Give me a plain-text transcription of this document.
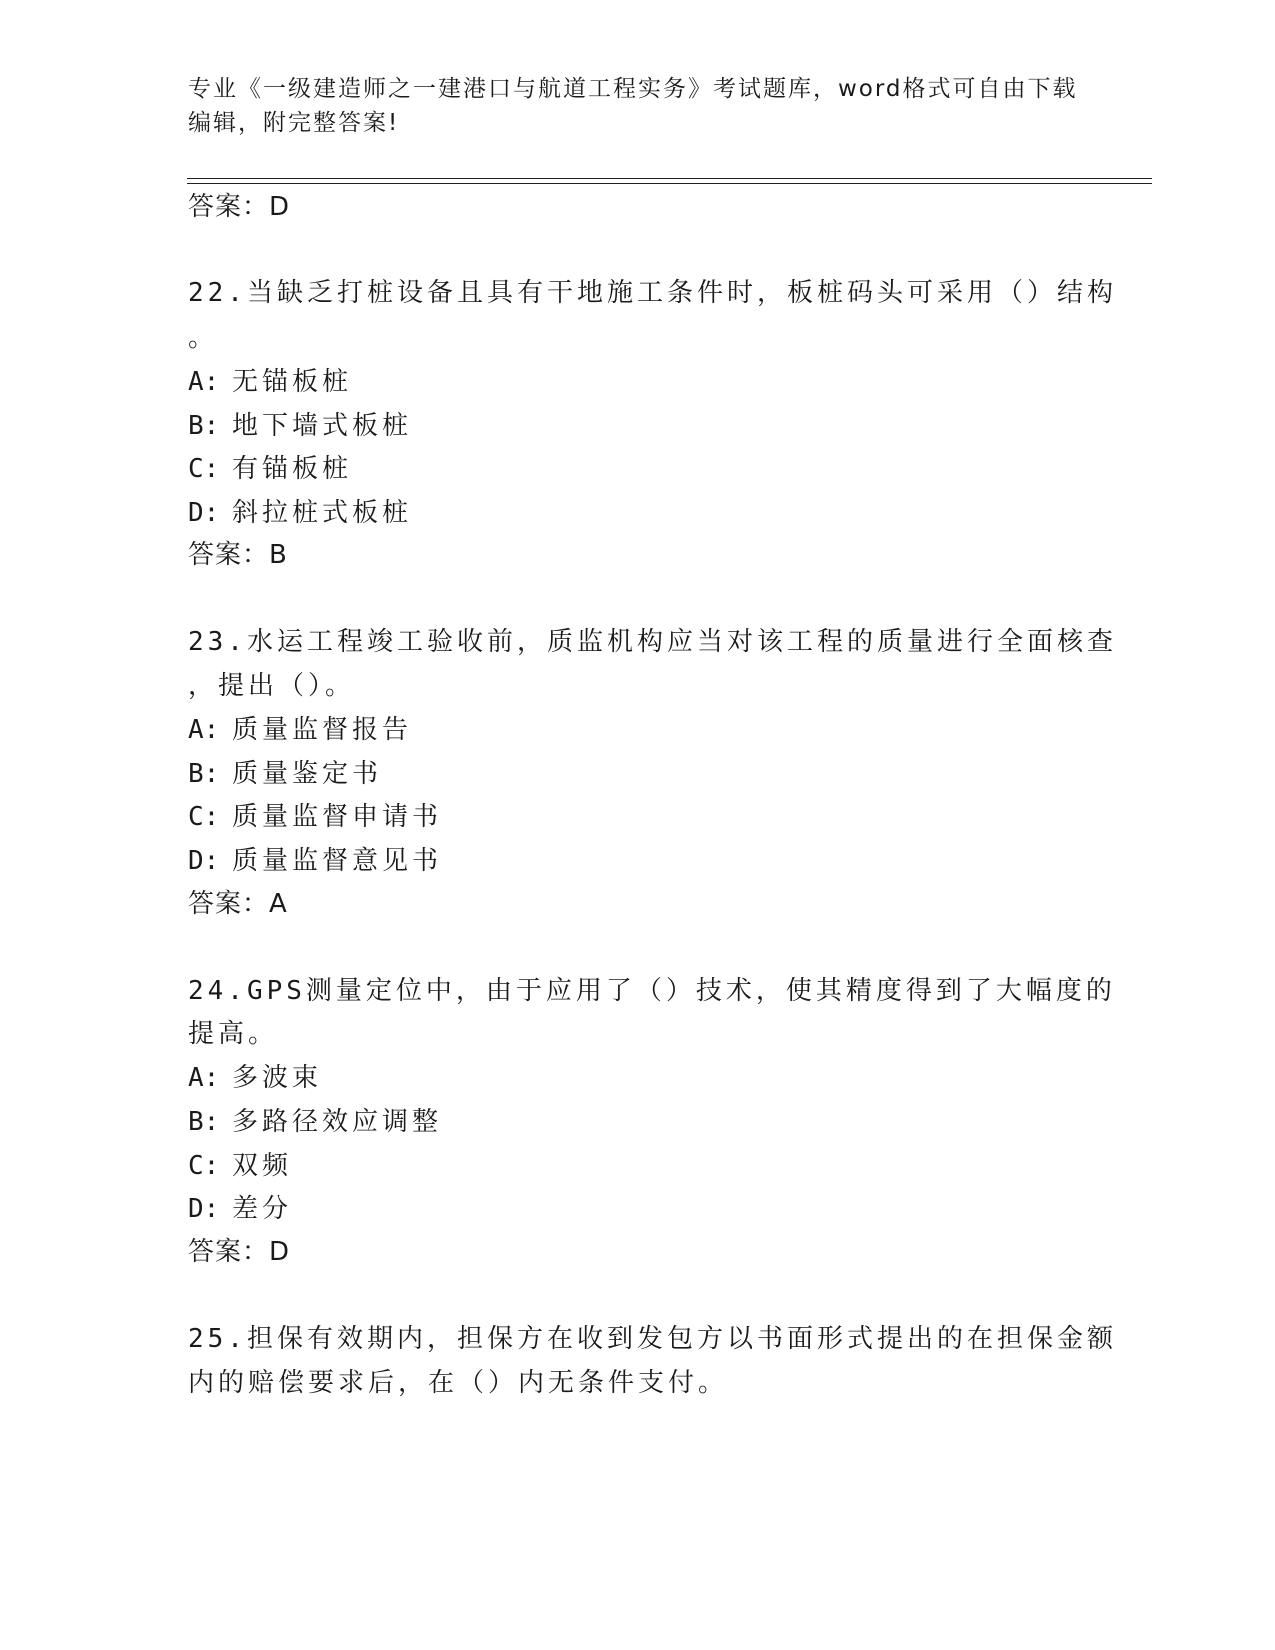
专业《一级建造师之一建港口与航道工程实务》考试题库，word格式可自由下载
编辑，附完整答案!
答案：D
22.当缺乏打桩设备且具有干地施工条件时，板桩码头可采用（）结构
。
A: 无锚板桩
B: 地下墙式板桩
C: 有锚板桩
D: 斜拉桩式板桩
答案：B
23.水运工程竣工验收前，质监机构应当对该工程的质量进行全面核查
，提出（）。
A: 质量监督报告
B: 质量鉴定书
C: 质量监督申请书
D: 质量监督意见书
答案：A
24.GPS测量定位中，由于应用了（）技术，使其精度得到了大幅度的
提高。
A: 多波束
B: 多路径效应调整
C: 双频
D: 差分
答案：D
25.担保有效期内，担保方在收到发包方以书面形式提出的在担保金额
内的赔偿要求后，在（）内无条件支付。
